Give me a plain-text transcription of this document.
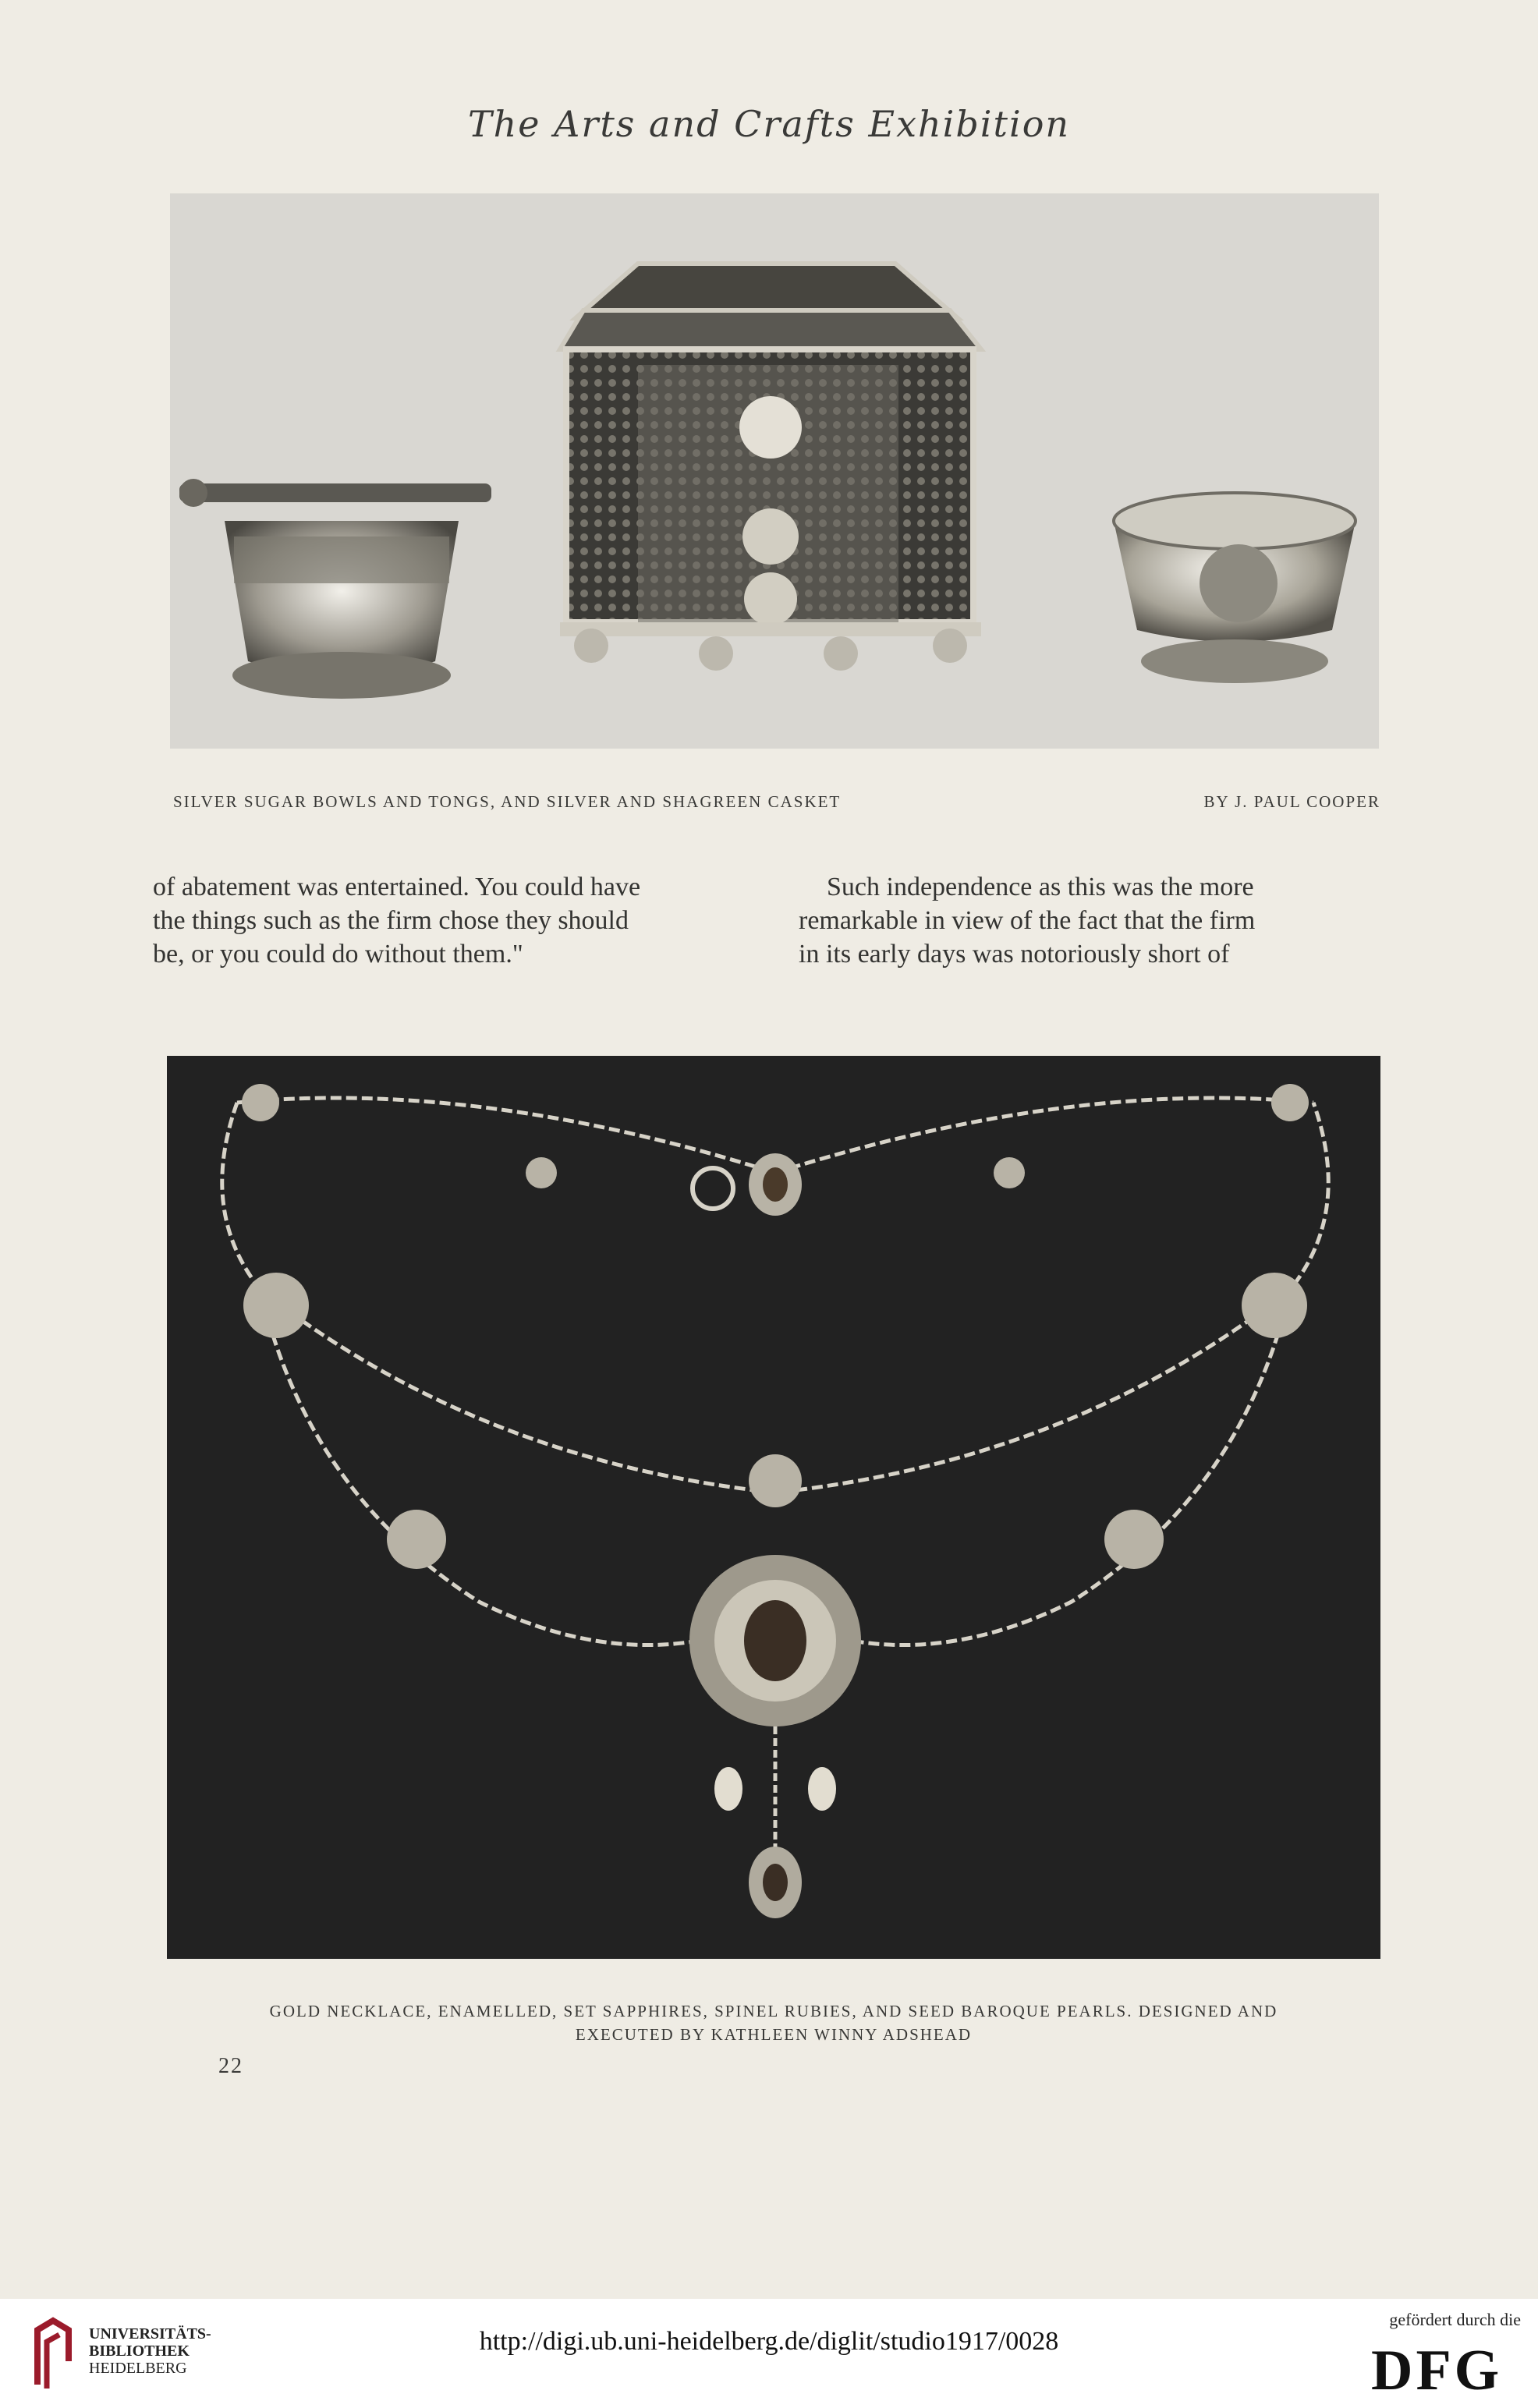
The Arts and Crafts Exhibition
SILVER SUGAR BOWLS AND TONGS, AND SILVER AND SHAGREEN CASKET	BY J. PAUL COOPER
of abatement was entertained. You could have
the things such as the firm chose they should
be, or you could do without them."
Such independence as this was the more
remarkable in view of the fact that the firm
in its early days was notoriously short of
GOLD NECKLACE, ENAMELLED, SET SAPPHIRES, SPINEL RUBIES, AND SEED BAROQUE PEARLS. DESIGNED AND
EXECUTED BY KATHLEEN WINNY ADSHEAD
22
UNIVERSITÄTS-
BIBLIOTHEK
HEIDELBERG
http://digi.ub.uni-heidelberg.de/diglit/studio1917/0028
gefördert durch die
DFG
